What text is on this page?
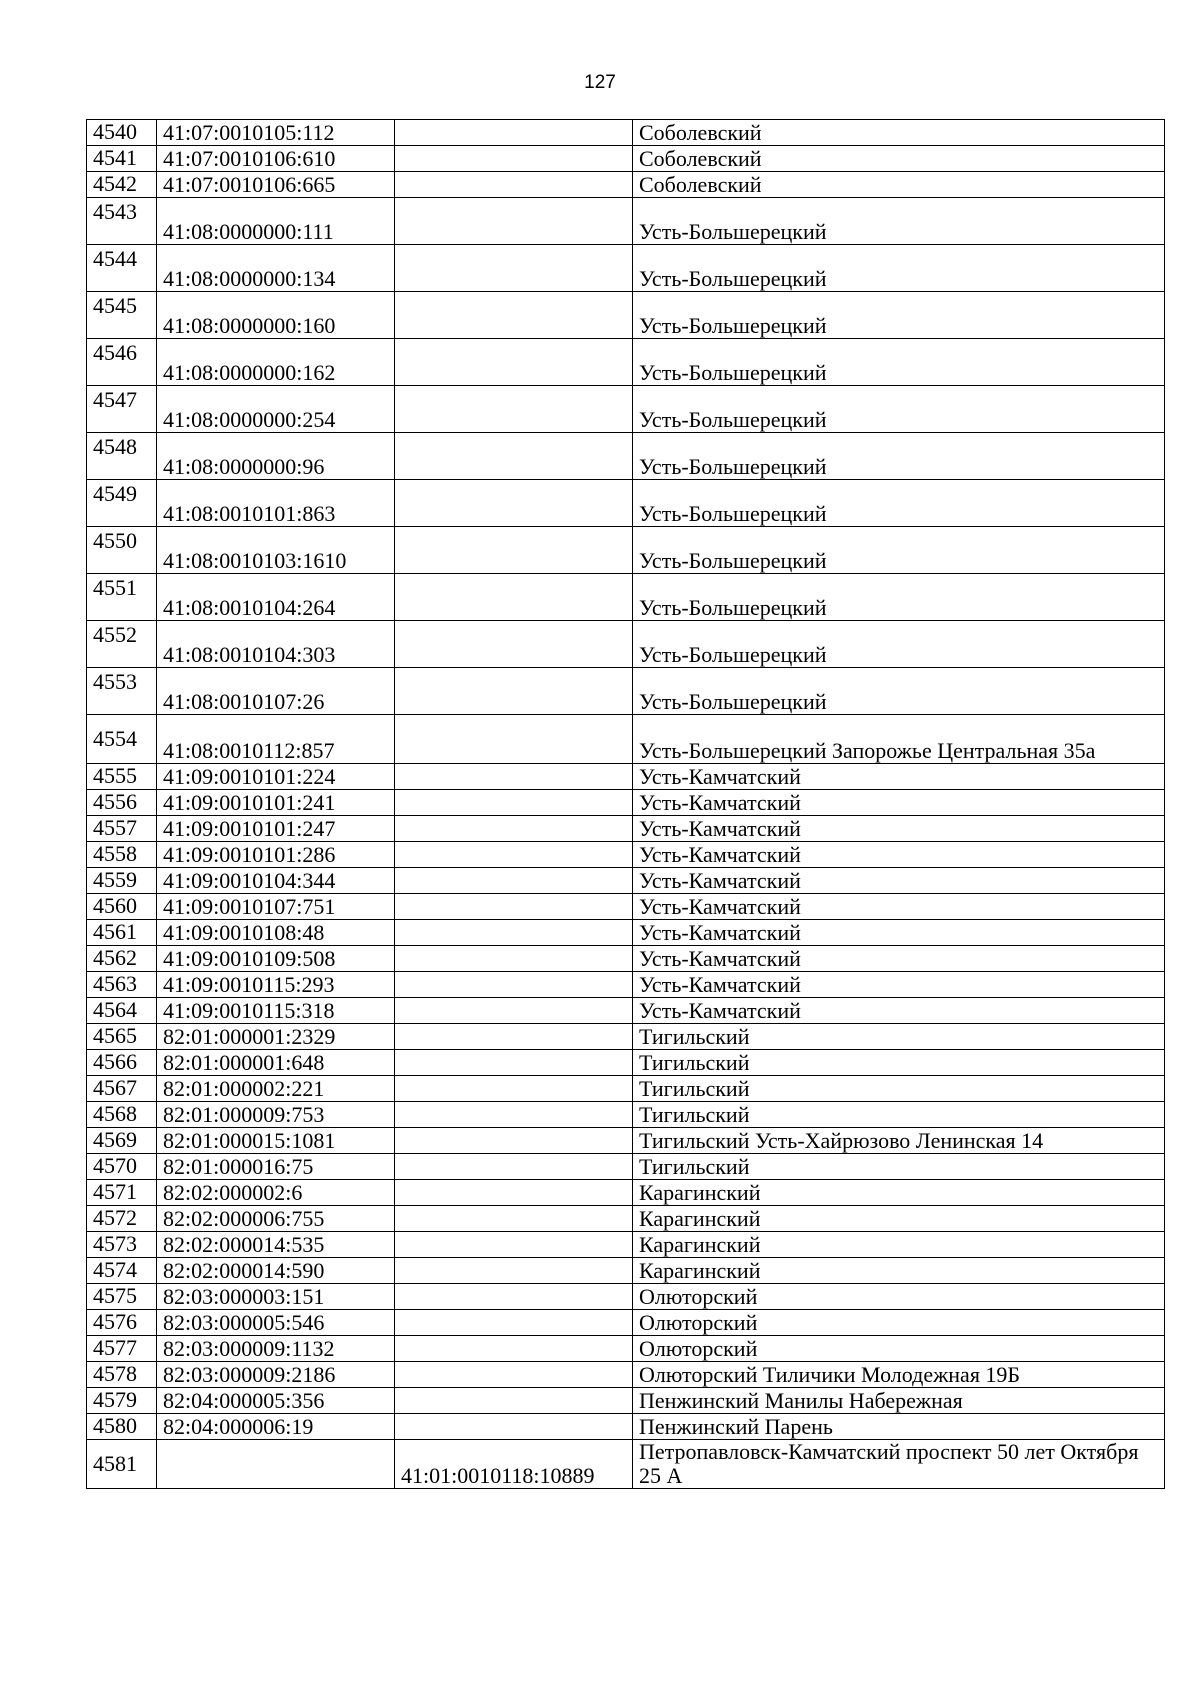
127
4540	41:07:0010105:112		Соболевский
4541	41:07:0010106:610		Соболевский
4542	41:07:0010106:665		Соболевский
4543	41:08:0000000:111		Усть-Большерецкий
4544	41:08:0000000:134		Усть-Большерецкий
4545	41:08:0000000:160		Усть-Большерецкий
4546	41:08:0000000:162		Усть-Большерецкий
4547	41:08:0000000:254		Усть-Большерецкий
4548	41:08:0000000:96		Усть-Большерецкий
4549	41:08:0010101:863		Усть-Большерецкий
4550	41:08:0010103:1610		Усть-Большерецкий
4551	41:08:0010104:264		Усть-Большерецкий
4552	41:08:0010104:303		Усть-Большерецкий
4553	41:08:0010107:26		Усть-Большерецкий
4554	41:08:0010112:857		Усть-Большерецкий Запорожье Центральная 35а
4555	41:09:0010101:224		Усть-Камчатский
4556	41:09:0010101:241		Усть-Камчатский
4557	41:09:0010101:247		Усть-Камчатский
4558	41:09:0010101:286		Усть-Камчатский
4559	41:09:0010104:344		Усть-Камчатский
4560	41:09:0010107:751		Усть-Камчатский
4561	41:09:0010108:48		Усть-Камчатский
4562	41:09:0010109:508		Усть-Камчатский
4563	41:09:0010115:293		Усть-Камчатский
4564	41:09:0010115:318		Усть-Камчатский
4565	82:01:000001:2329		Тигильский
4566	82:01:000001:648		Тигильский
4567	82:01:000002:221		Тигильский
4568	82:01:000009:753		Тигильский
4569	82:01:000015:1081		Тигильский Усть-Хайрюзово Ленинская 14
4570	82:01:000016:75		Тигильский
4571	82:02:000002:6		Карагинский
4572	82:02:000006:755		Карагинский
4573	82:02:000014:535		Карагинский
4574	82:02:000014:590		Карагинский
4575	82:03:000003:151		Олюторский
4576	82:03:000005:546		Олюторский
4577	82:03:000009:1132		Олюторский
4578	82:03:000009:2186		Олюторский Тиличики Молодежная 19Б
4579	82:04:000005:356		Пенжинский Манилы Набережная
4580	82:04:000006:19		Пенжинский Парень
4581		41:01:0010118:10889	Петропавловск-Камчатский проспект 50 лет Октября 25 А
